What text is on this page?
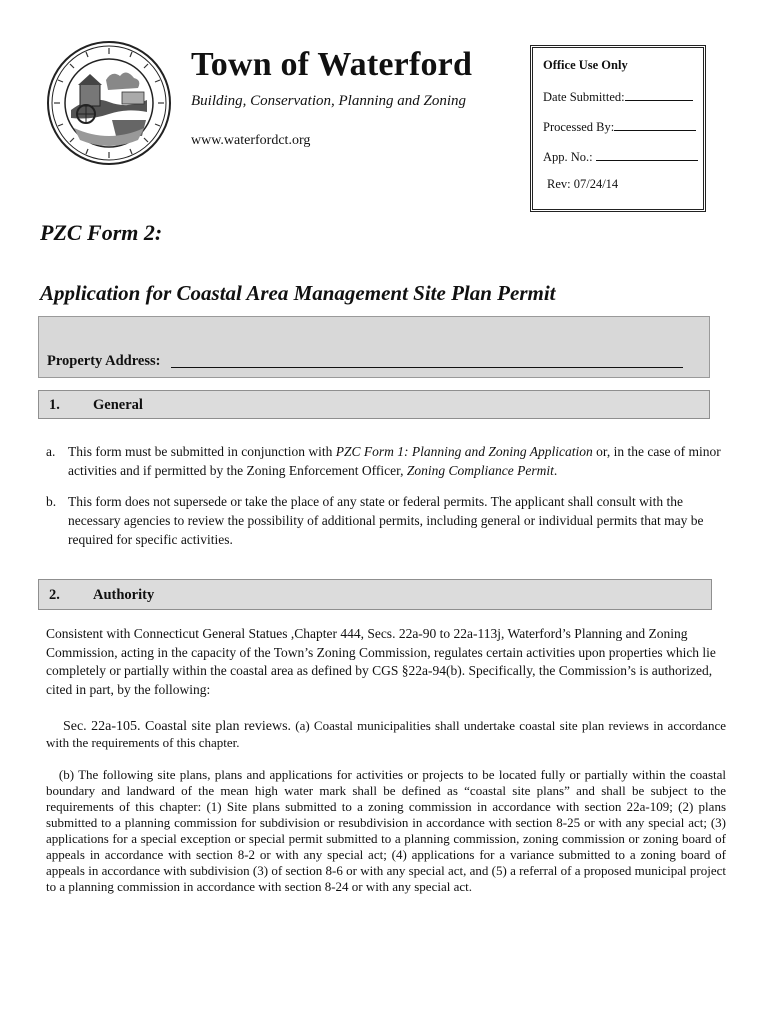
Town of Waterford
Building, Conservation, Planning and Zoning
www.waterfordct.org
Office Use Only
Date Submitted:
Processed By:
App. No.:
Rev: 07/24/14
PZC Form 2:
Application for Coastal Area Management Site Plan Permit
Property Address:
1. General
a. This form must be submitted in conjunction with PZC Form 1: Planning and Zoning Application or, in the case of minor activities and if permitted by the Zoning Enforcement Officer, Zoning Compliance Permit.
b. This form does not supersede or take the place of any state or federal permits. The applicant shall consult with the necessary agencies to review the possibility of additional permits, including general or individual permits that may be required for specific activities.
2. Authority
Consistent with Connecticut General Statues ,Chapter 444, Secs. 22a-90 to 22a-113j, Waterford’s Planning and Zoning Commission, acting in the capacity of the Town’s Zoning Commission, regulates certain activities upon properties which lie completely or partially within the coastal area as defined by CGS §22a-94(b). Specifically, the Commission’s is authorized, cited in part, by the following:
Sec. 22a-105. Coastal site plan reviews. (a) Coastal municipalities shall undertake coastal site plan reviews in accordance with the requirements of this chapter.
(b) The following site plans, plans and applications for activities or projects to be located fully or partially within the coastal boundary and landward of the mean high water mark shall be defined as “coastal site plans” and shall be subject to the requirements of this chapter: (1) Site plans submitted to a zoning commission in accordance with section 22a-109; (2) plans submitted to a planning commission for subdivision or resubdivision in accordance with section 8-25 or with any special act; (3) applications for a special exception or special permit submitted to a planning commission, zoning commission or zoning board of appeals in accordance with section 8-2 or with any special act; (4) applications for a variance submitted to a zoning board of appeals in accordance with subdivision (3) of section 8-6 or with any special act, and (5) a referral of a proposed municipal project to a planning commission in accordance with section 8-24 or with any special act.
